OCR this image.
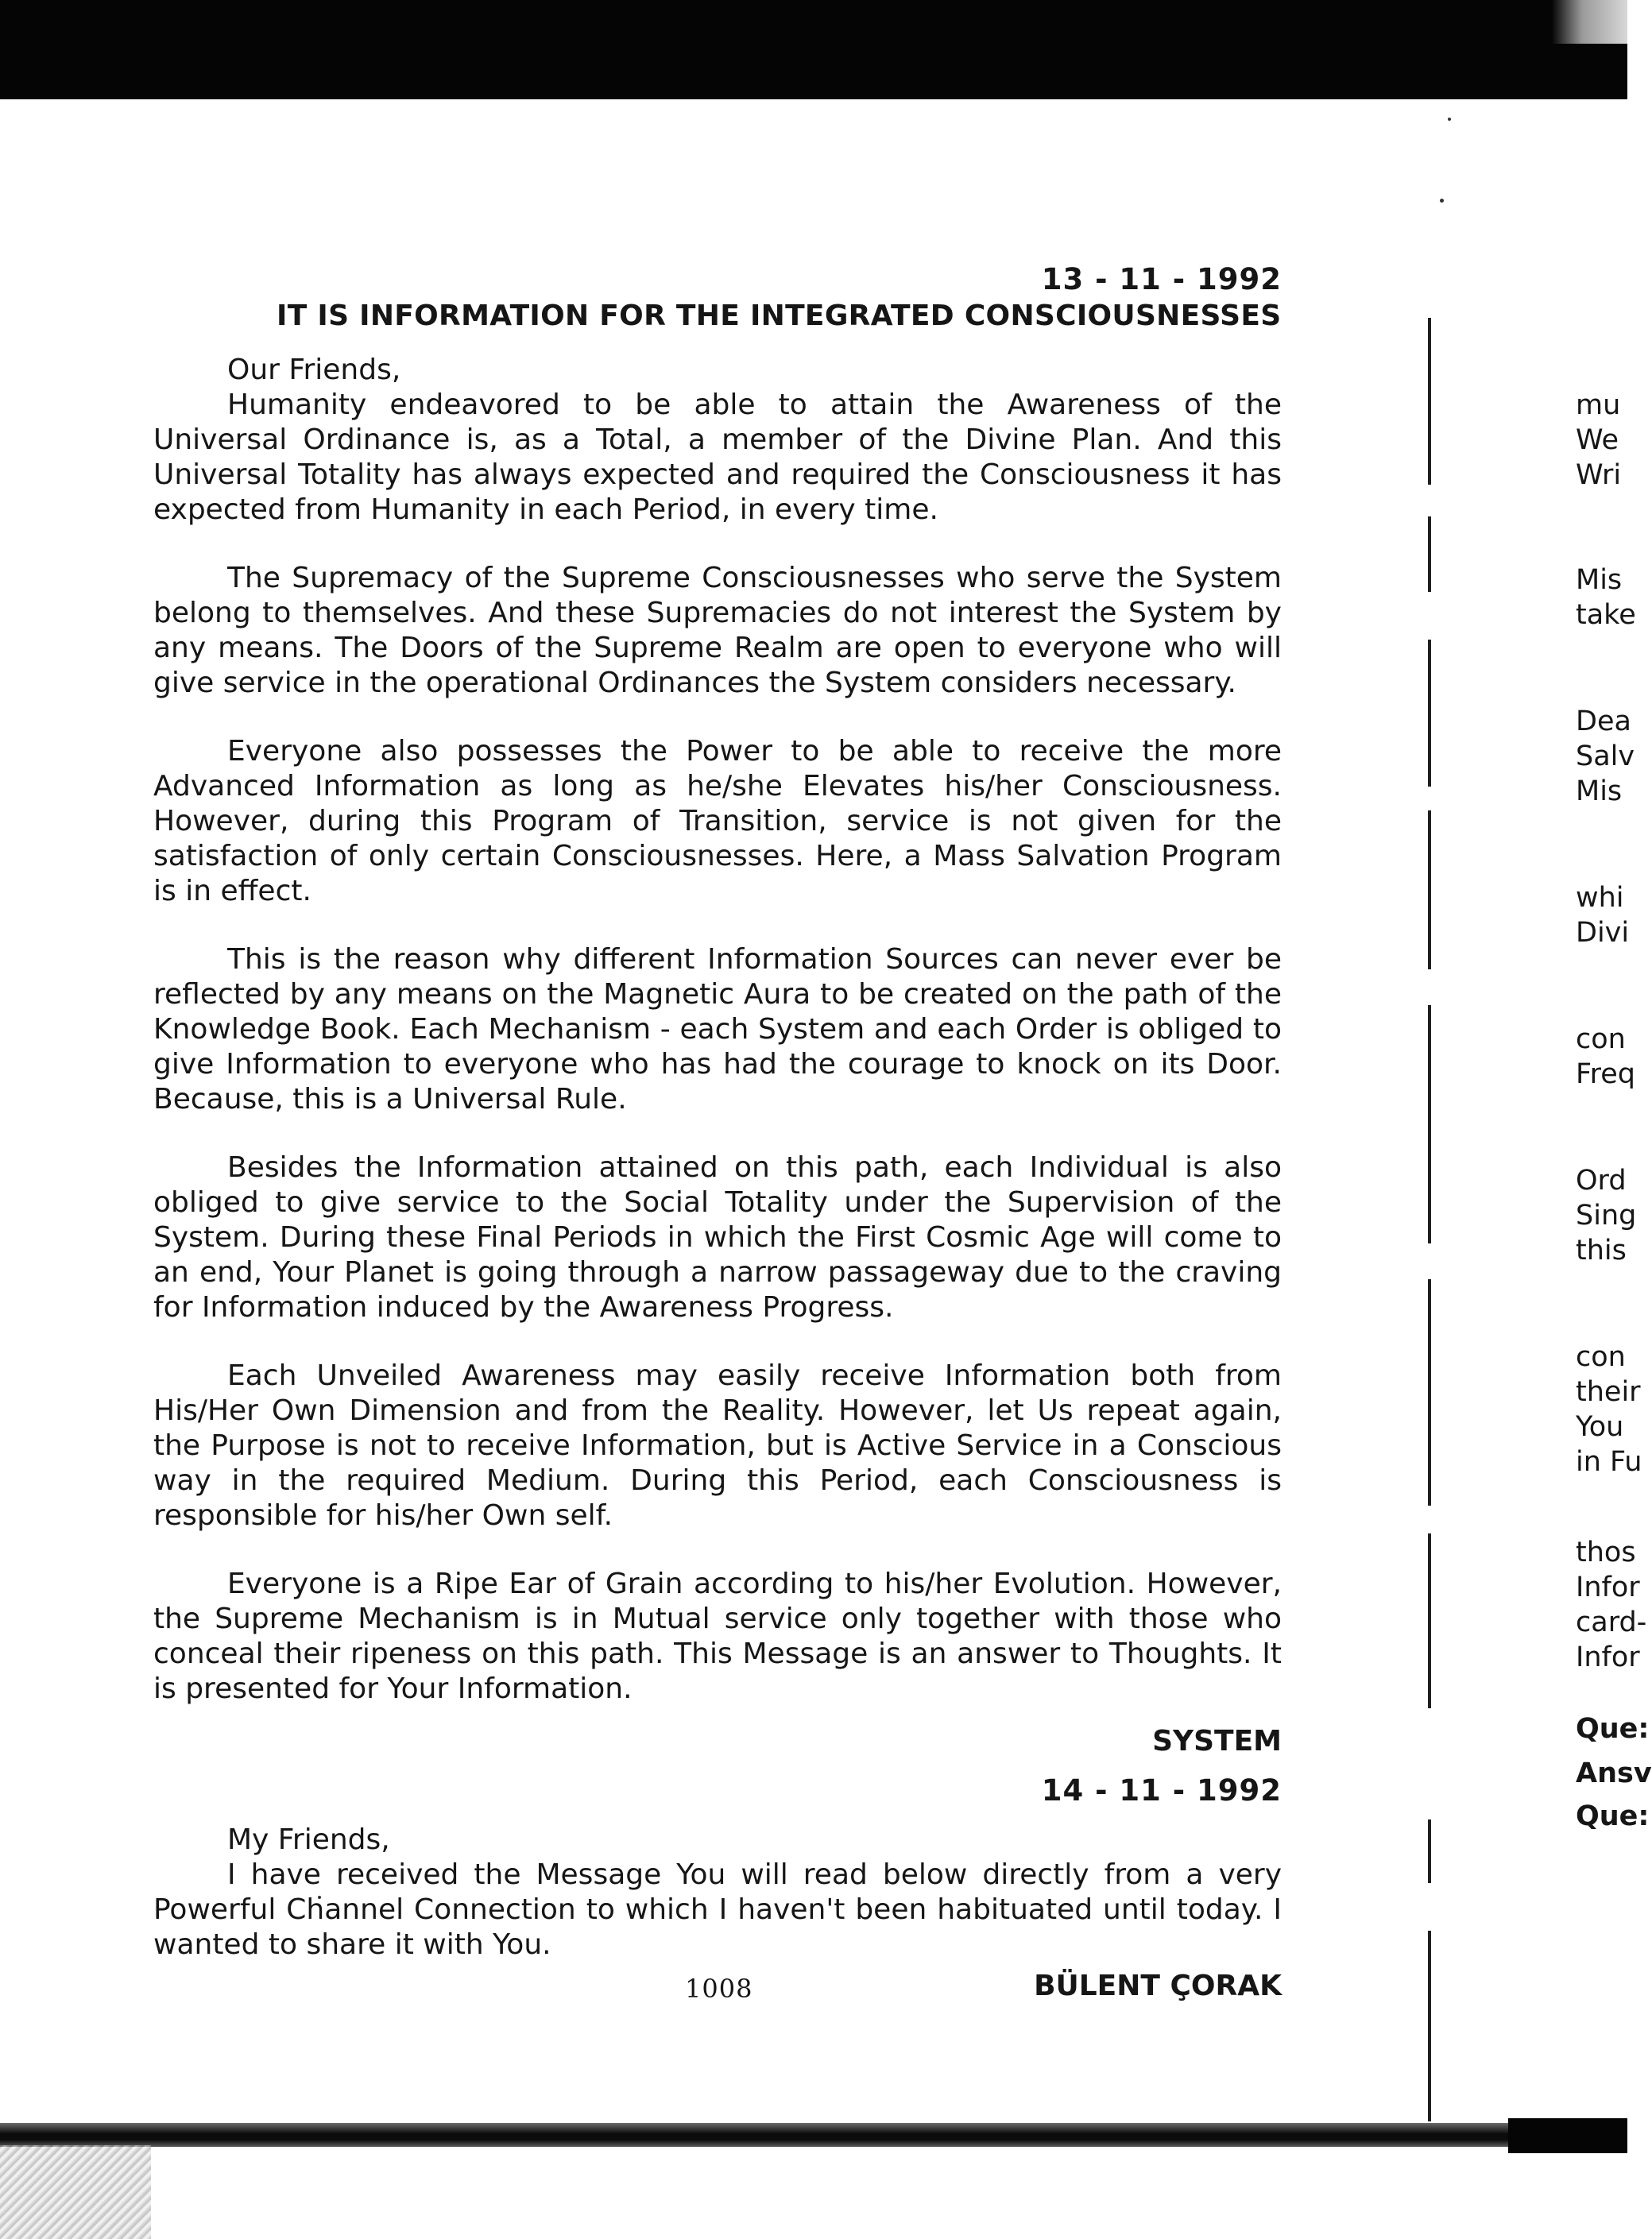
13 - 11 - 1992
IT IS INFORMATION FOR THE INTEGRATED CONSCIOUSNESSES
Our Friends,

Humanity endeavored to be able to attain the Awareness of the Universal Ordinance is, as a Total, a member of the Divine Plan. And this Universal Totality has always expected and required the Consciousness it has expected from Humanity in each Period, in every time.

The Supremacy of the Supreme Consciousnesses who serve the System belong to themselves. And these Supremacies do not interest the System by any means. The Doors of the Supreme Realm are open to everyone who will give service in the operational Ordinances the System considers necessary.

Everyone also possesses the Power to be able to receive the more Advanced Information as long as he/she Elevates his/her Consciousness. However, during this Program of Transition, service is not given for the satisfaction of only certain Consciousnesses. Here, a Mass Salvation Program is in effect.

This is the reason why different Information Sources can never ever be reflected by any means on the Magnetic Aura to be created on the path of the Knowledge Book. Each Mechanism - each System and each Order is obliged to give Information to everyone who has had the courage to knock on its Door. Because, this is a Universal Rule.

Besides the Information attained on this path, each Individual is also obliged to give service to the Social Totality under the Supervision of the System. During these Final Periods in which the First Cosmic Age will come to an end, Your Planet is going through a narrow passageway due to the craving for Information induced by the Awareness Progress.

Each Unveiled Awareness may easily receive Information both from His/Her Own Dimension and from the Reality. However, let Us repeat again, the Purpose is not to receive Information, but is Active Service in a Conscious way in the required Medium. During this Period, each Consciousness is responsible for his/her Own self.

Everyone is a Ripe Ear of Grain according to his/her Evolution. However, the Supreme Mechanism is in Mutual service only together with those who conceal their ripeness on this path. This Message is an answer to Thoughts. It is presented for Your Information.

SYSTEM
14 - 11 - 1992
My Friends,

I have received the Message You will read below directly from a very Powerful Channel Connection to which I haven't been habituated until today. I wanted to share it with You.

BÜLENT ÇORAK
1008
mu
We
Wri
Mis
take
Dea
Salv
Mis
whi
Divi
con
Freq
Ord
Sing
this
con
their
You
in Fu
thos
Infor
card-
Infor
Que:
Ansv
Que:
